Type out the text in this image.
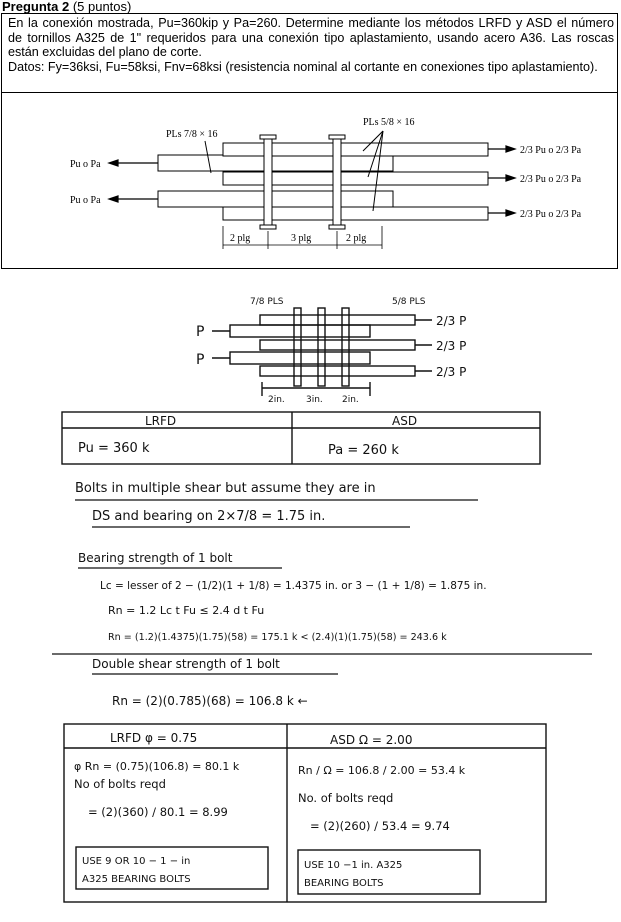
Pregunta 2 (5 puntos)

En la conexión mostrada, Pu=360kip y Pa=260. Determine mediante los métodos LRFD y ASD el número de tornillos A325 de 1" requeridos para una conexión tipo aplastamiento, usando acero A36. Las roscas están excluidas del plano de corte.

Datos: Fy=36ksi, Fu=58ksi, Fnv=68ksi (resistencia nominal al cortante en conexiones tipo aplastamiento).

PLs 7/8 × 16
PLs 5/8 × 16
Pu o Pa
Pu o Pa
2/3 Pu o 2/3 Pa
2/3 Pu o 2/3 Pa
2/3 Pu o 2/3 Pa
2 plg	3 plg	2 plg
7/8 PLS	5/8 PLS
P
P
2/3 P
2/3 P
2/3 P
2in. 3in. 2in.
LRFD	ASD
Pu = 360 k	Pa = 260 k
Bolts in multiple shear but assume they are in
DS and bearing on 2×7/8 = 1.75 in.
Bearing strength of 1 bolt
Lc = lesser of 2 − (1/2)(1 + 1/8) = 1.4375 in. or 3 − (1 + 1/8) = 1.875 in.
Rn = 1.2 Lc t Fu ≤ 2.4 d t Fu
Rn = (1.2)(1.4375)(1.75)(58) = 175.1 k < (2.4)(1)(1.75)(58) = 243.6 k
Double shear strength of 1 bolt
Rn = (2)(0.785)(68) = 106.8 k ←
LRFD φ = 0.75	ASD Ω = 2.00
φ Rn = (0.75)(106.8) = 80.1 k
No of bolts reqd
= (2)(360) / 80.1 = 8.99
USE 9 OR 10 − 1 − in
A325 BEARING BOLTS
Rn / Ω = 106.8 / 2.00 = 53.4 k
No. of bolts reqd
= (2)(260) / 53.4 = 9.74
USE 10 −1 in. A325
BEARING BOLTS
